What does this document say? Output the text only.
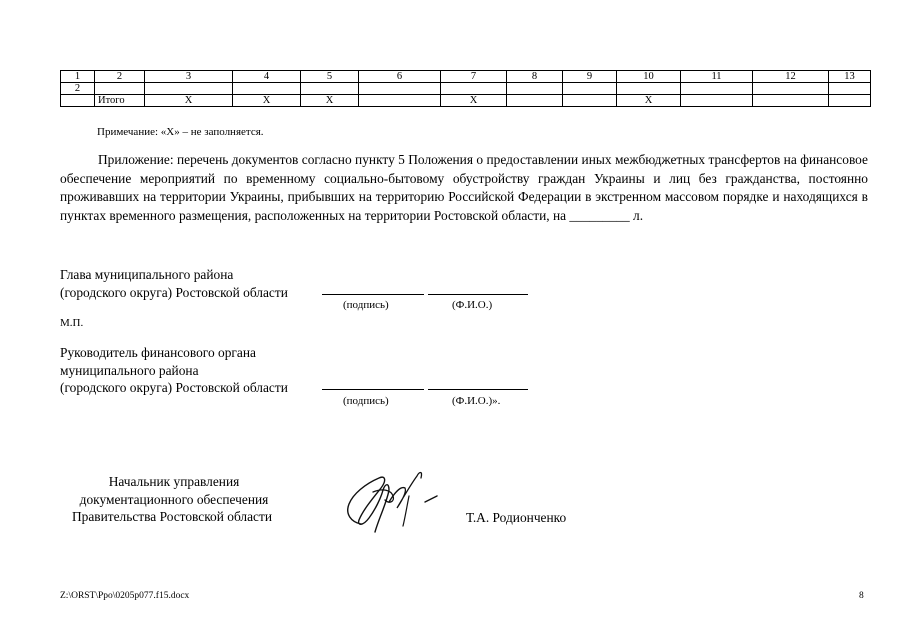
1	2	3	4	5	6	7	8	9	10	11	12	13
2												
	Итого	X	X	X		X			X			
Примечание: «Х» – не заполняется.
Приложение: перечень документов согласно пункту 5 Положения о предоставлении иных межбюджетных трансфертов на финансовое обеспечение мероприятий по временному социально-бытовому обустройству граждан Украины и лиц без гражданства, постоянно проживавших на территории Украины, прибывших на территорию Российской Федерации в экстренном массовом порядке и находящихся в пунктах временного размещения, расположенных на территории Ростовской области, на _________ л.
Глава муниципального района
(городского округа) Ростовской области
(подпись)	(Ф.И.О.)
М.П.
Руководитель финансового органа
муниципального района
(городского округа) Ростовской области
(подпись)	(Ф.И.О.)».
Начальник управления
документационного обеспечения
Правительства Ростовской области	Т.А. Родионченко
Z:\ORST\Ppo\0205p077.f15.docx	8
